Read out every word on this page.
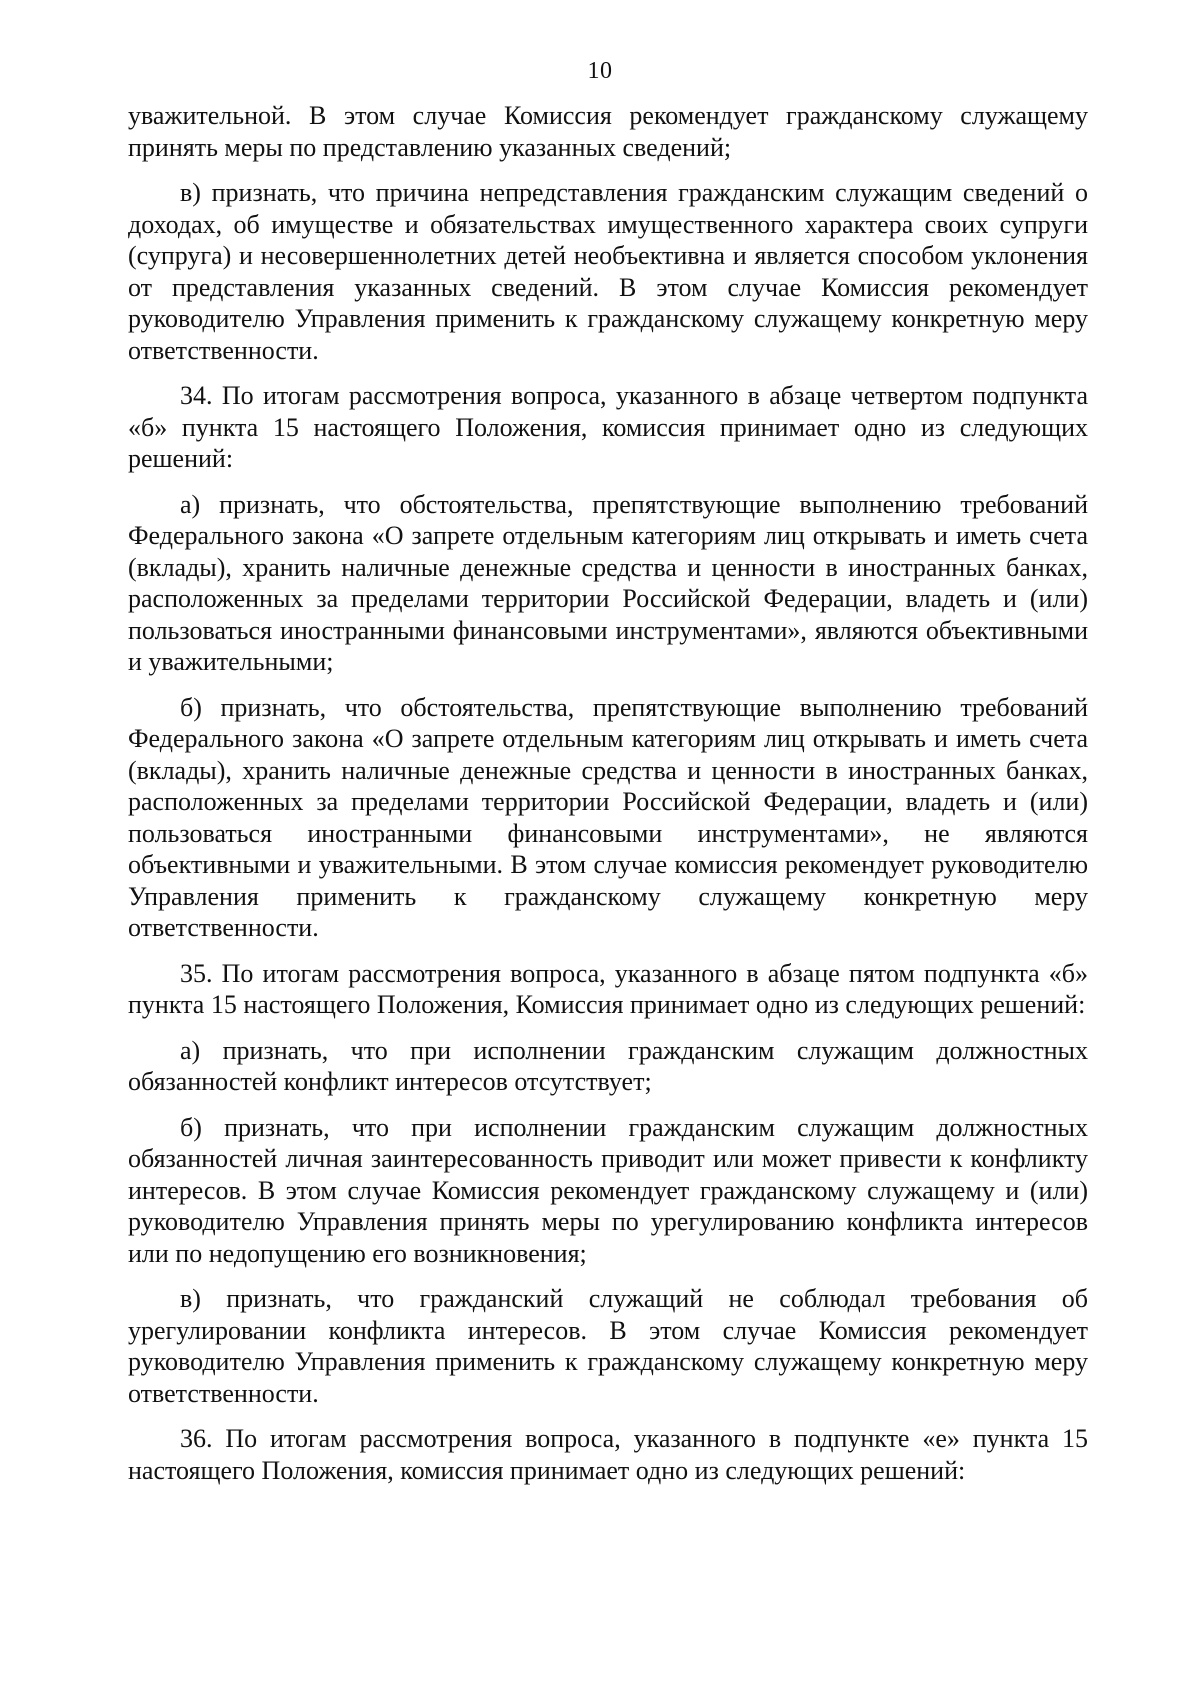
10

уважительной. В этом случае Комиссия рекомендует гражданскому служащему принять меры по представлению указанных сведений;

в) признать, что причина непредставления гражданским служащим сведений о доходах, об имуществе и обязательствах имущественного характера своих супруги (супруга) и несовершеннолетних детей необъективна и является способом уклонения от представления указанных сведений. В этом случае Комиссия рекомендует руководителю Управления применить к гражданскому служащему конкретную меру ответственности.

34. По итогам рассмотрения вопроса, указанного в абзаце четвертом подпункта «б» пункта 15 настоящего Положения, комиссия принимает одно из следующих решений:

а) признать, что обстоятельства, препятствующие выполнению требований Федерального закона «О запрете отдельным категориям лиц открывать и иметь счета (вклады), хранить наличные денежные средства и ценности в иностранных банках, расположенных за пределами территории Российской Федерации, владеть и (или) пользоваться иностранными финансовыми инструментами», являются объективными и уважительными;

б) признать, что обстоятельства, препятствующие выполнению требований Федерального закона «О запрете отдельным категориям лиц открывать и иметь счета (вклады), хранить наличные денежные средства и ценности в иностранных банках, расположенных за пределами территории Российской Федерации, владеть и (или) пользоваться иностранными финансовыми инструментами», не являются объективными и уважительными. В этом случае комиссия рекомендует руководителю Управления применить к гражданскому служащему конкретную меру ответственности.

35. По итогам рассмотрения вопроса, указанного в абзаце пятом подпункта «б» пункта 15 настоящего Положения, Комиссия принимает одно из следующих решений:

а) признать, что при исполнении гражданским служащим должностных обязанностей конфликт интересов отсутствует;

б) признать, что при исполнении гражданским служащим должностных обязанностей личная заинтересованность приводит или может привести к конфликту интересов. В этом случае Комиссия рекомендует гражданскому служащему и (или) руководителю Управления принять меры по урегулированию конфликта интересов или по недопущению его возникновения;

в) признать, что гражданский служащий не соблюдал требования об урегулировании конфликта интересов. В этом случае Комиссия рекомендует руководителю Управления применить к гражданскому служащему конкретную меру ответственности.

36. По итогам рассмотрения вопроса, указанного в подпункте «е» пункта 15 настоящего Положения, комиссия принимает одно из следующих решений:
